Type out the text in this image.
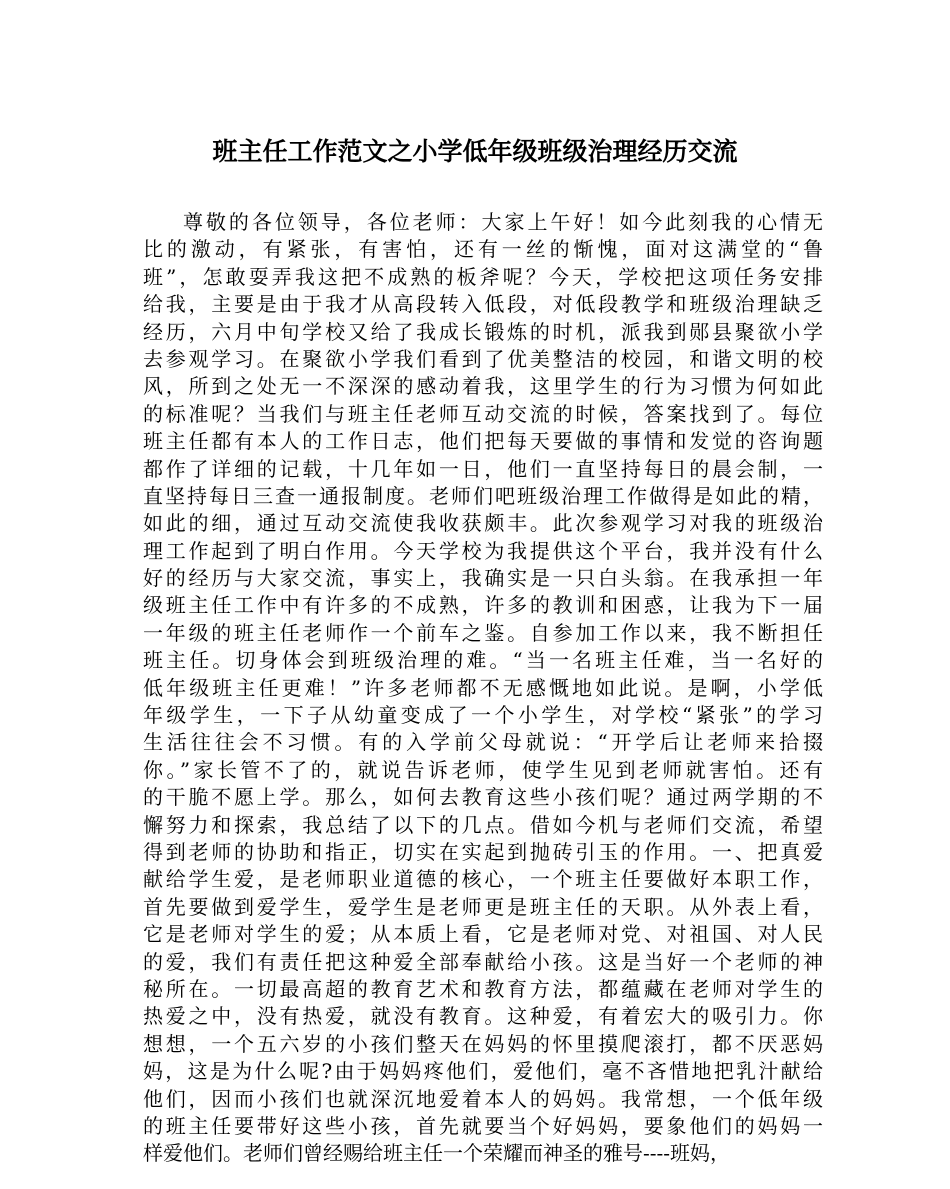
班主任工作范文之小学低年级班级治理经历交流
尊敬的各位领导，各位老师：大家上午好！如今此刻我的心情无
比的激动，有紧张，有害怕，还有一丝的惭愧，面对这满堂的“鲁
班”，怎敢耍弄我这把不成熟的板斧呢？今天，学校把这项任务安排
给我，主要是由于我才从高段转入低段，对低段教学和班级治理缺乏
经历，六月中旬学校又给了我成长锻炼的时机，派我到郧县聚欲小学
去参观学习。在聚欲小学我们看到了优美整洁的校园，和谐文明的校
风，所到之处无一不深深的感动着我，这里学生的行为习惯为何如此
的标准呢？当我们与班主任老师互动交流的时候，答案找到了。每位
班主任都有本人的工作日志，他们把每天要做的事情和发觉的咨询题
都作了详细的记载，十几年如一日，他们一直坚持每日的晨会制，一
直坚持每日三查一通报制度。老师们吧班级治理工作做得是如此的精，
如此的细，通过互动交流使我收获颇丰。此次参观学习对我的班级治
理工作起到了明白作用。今天学校为我提供这个平台，我并没有什么
好的经历与大家交流，事实上，我确实是一只白头翁。在我承担一年
级班主任工作中有许多的不成熟，许多的教训和困惑，让我为下一届
一年级的班主任老师作一个前车之鉴。自参加工作以来，我不断担任
班主任。切身体会到班级治理的难。“当一名班主任难，当一名好的
低年级班主任更难！”许多老师都不无感慨地如此说。是啊，小学低
年级学生，一下子从幼童变成了一个小学生，对学校“紧张”的学习
生活往往会不习惯。有的入学前父母就说：“开学后让老师来拾掇
你。”家长管不了的，就说告诉老师，使学生见到老师就害怕。还有
的干脆不愿上学。那么，如何去教育这些小孩们呢？通过两学期的不
懈努力和探索，我总结了以下的几点。借如今机与老师们交流，希望
得到老师的协助和指正，切实在实起到抛砖引玉的作用。一、把真爱
献给学生爱，是老师职业道德的核心，一个班主任要做好本职工作，
首先要做到爱学生，爱学生是老师更是班主任的天职。从外表上看，
它是老师对学生的爱；从本质上看，它是老师对党、对祖国、对人民
的爱，我们有责任把这种爱全部奉献给小孩。这是当好一个老师的神
秘所在。一切最高超的教育艺术和教育方法，都蕴藏在老师对学生的
热爱之中，没有热爱，就没有教育。这种爱，有着宏大的吸引力。你
想想，一个五六岁的小孩们整天在妈妈的怀里摸爬滚打，都不厌恶妈
妈，这是为什么呢?由于妈妈疼他们，爱他们，毫不吝惜地把乳汁献给
他们，因而小孩们也就深沉地爱着本人的妈妈。我常想，一个低年级
的班主任要带好这些小孩，首先就要当个好妈妈，要象他们的妈妈一
样爱他们。老师们曾经赐给班主任一个荣耀而神圣的雅号----班妈，
